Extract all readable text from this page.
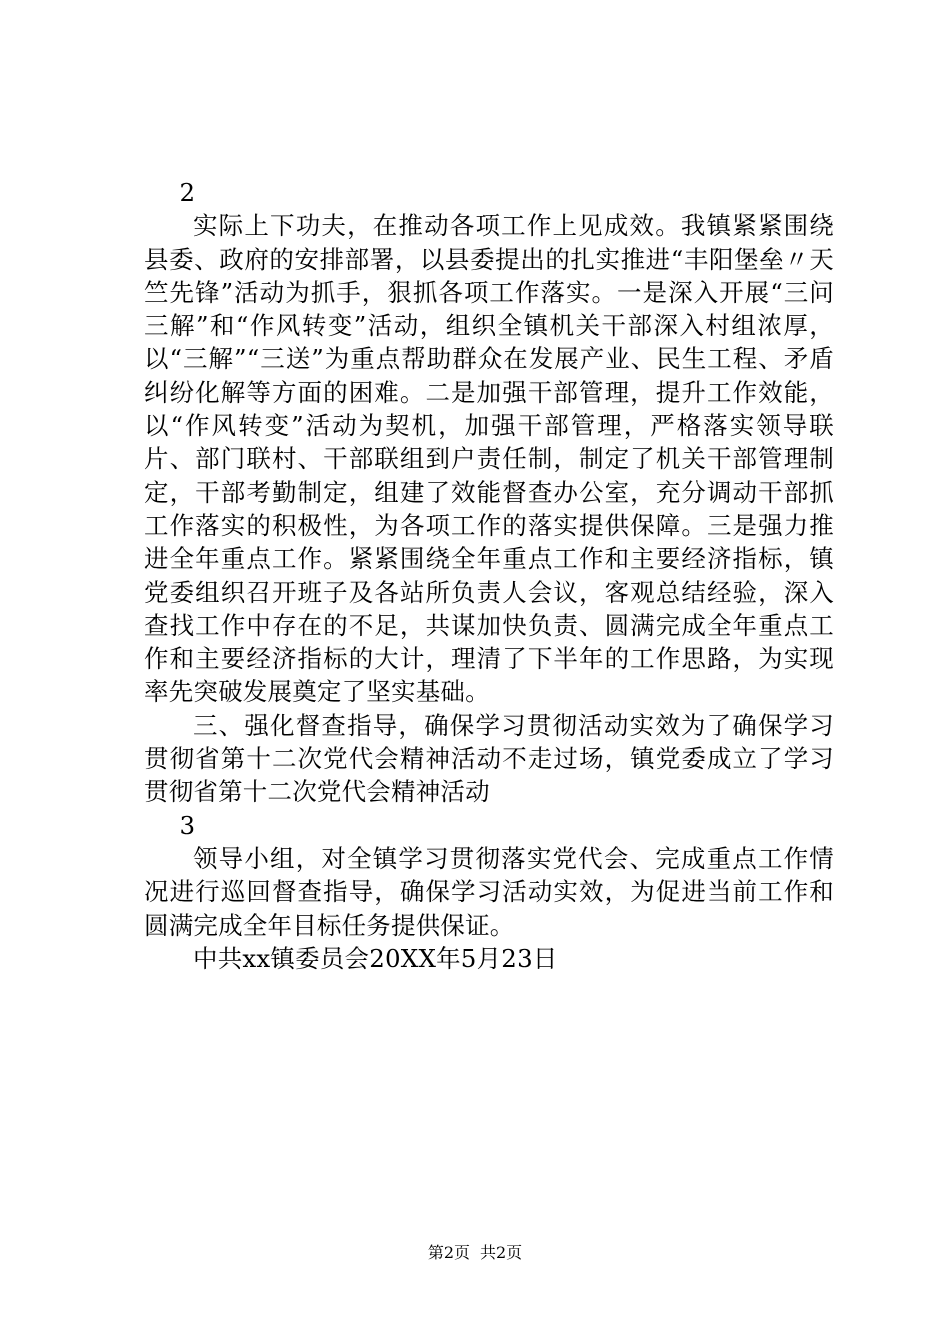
2

实际上下功夫，在推动各项工作上见成效。我镇紧紧围绕县委、政府的安排部署，以县委提出的扎实推进“丰阳堡垒〃天竺先锋”活动为抓手，狠抓各项工作落实。一是深入开展“三问三解”和“作风转变”活动，组织全镇机关干部深入村组浓厚，以“三解”“三送”为重点帮助群众在发展产业、民生工程、矛盾纠纷化解等方面的困难。二是加强干部管理，提升工作效能，以“作风转变”活动为契机，加强干部管理，严格落实领导联片、部门联村、干部联组到户责任制，制定了机关干部管理制定，干部考勤制定，组建了效能督查办公室，充分调动干部抓工作落实的积极性，为各项工作的落实提供保障。三是强力推进全年重点工作。紧紧围绕全年重点工作和主要经济指标，镇党委组织召开班子及各站所负责人会议，客观总结经验，深入查找工作中存在的不足，共谋加快负责、圆满完成全年重点工作和主要经济指标的大计，理清了下半年的工作思路，为实现率先突破发展奠定了坚实基础。

三、强化督查指导，确保学习贯彻活动实效为了确保学习贯彻省第十二次党代会精神活动不走过场，镇党委成立了学习贯彻省第十二次党代会精神活动

3

领导小组，对全镇学习贯彻落实党代会、完成重点工作情况进行巡回督查指导，确保学习活动实效，为促进当前工作和圆满完成全年目标任务提供保证。

中共xx镇委员会20XX年5月23日

第2页 共2页
